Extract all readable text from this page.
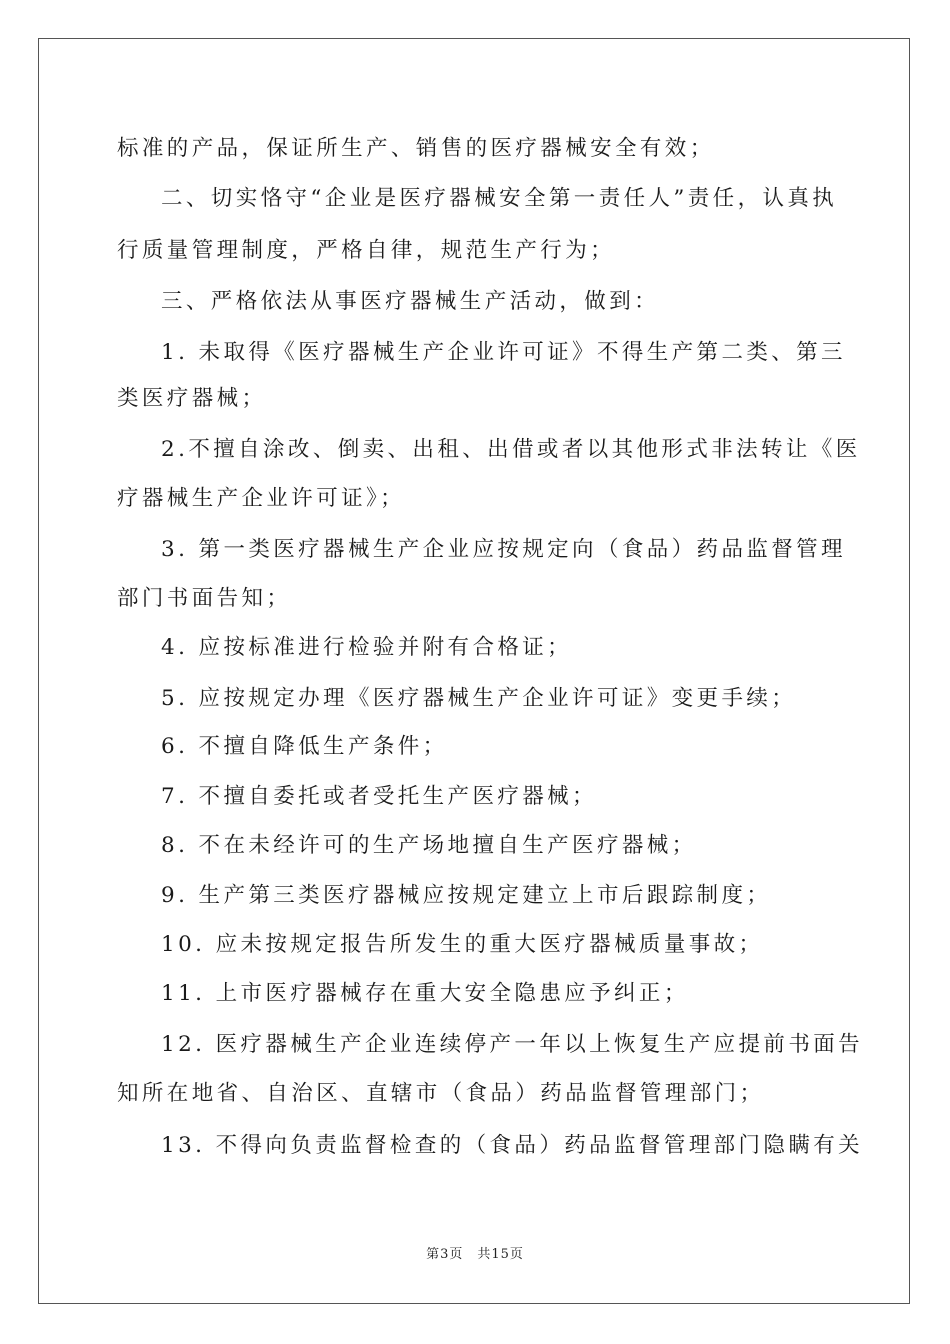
标准的产品，保证所生产、销售的医疗器械安全有效；
二、切实恪守“企业是医疗器械安全第一责任人”责任，认真执
行质量管理制度，严格自律，规范生产行为；
三、严格依法从事医疗器械生产活动，做到：
1. 未取得《医疗器械生产企业许可证》不得生产第二类、第三
类医疗器械；
2.不擅自涂改、倒卖、出租、出借或者以其他形式非法转让《医
疗器械生产企业许可证》；
3. 第一类医疗器械生产企业应按规定向（食品）药品监督管理
部门书面告知；
4. 应按标准进行检验并附有合格证；
5. 应按规定办理《医疗器械生产企业许可证》变更手续；
6. 不擅自降低生产条件；
7. 不擅自委托或者受托生产医疗器械；
8. 不在未经许可的生产场地擅自生产医疗器械；
9. 生产第三类医疗器械应按规定建立上市后跟踪制度；
10. 应未按规定报告所发生的重大医疗器械质量事故；
11. 上市医疗器械存在重大安全隐患应予纠正；
12. 医疗器械生产企业连续停产一年以上恢复生产应提前书面告
知所在地省、自治区、直辖市（食品）药品监督管理部门；
13. 不得向负责监督检查的（食品）药品监督管理部门隐瞒有关
第3页 共15页
